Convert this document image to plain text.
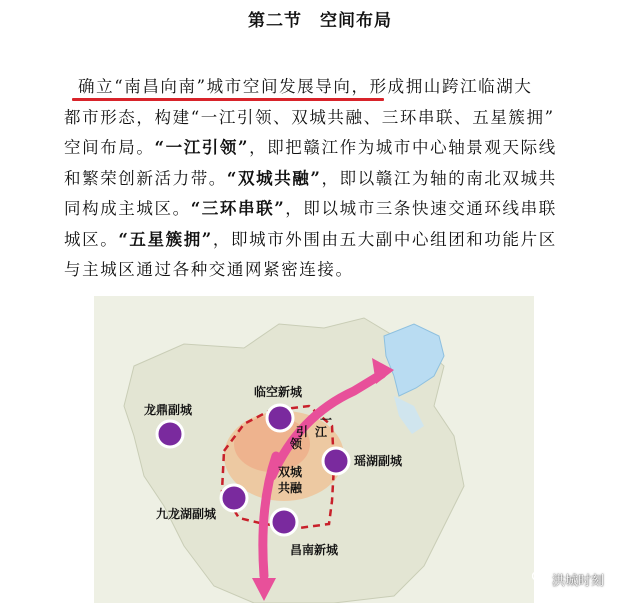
第二节　空间布局
确立“南昌向南”城市空间发展导向，形成拥山跨江临湖大
都市形态，构建“一江引领、双城共融、三环串联、五星簇拥”
空间布局。“一江引领”，即把赣江作为城市中心轴景观天际线
和繁荣创新活力带。“双城共融”，即以赣江为轴的南北双城共
同构成主城区。“三环串联”，即以城市三条快速交通环线串联
城区。“五星簇拥”，即城市外围由五大副中心组团和功能片区
与主城区通过各种交通网紧密连接。
一
江
引
领
双城
共融
临空新城
龙鼎副城
瑶湖副城
九龙湖副城
昌南新城
洪城时刻
